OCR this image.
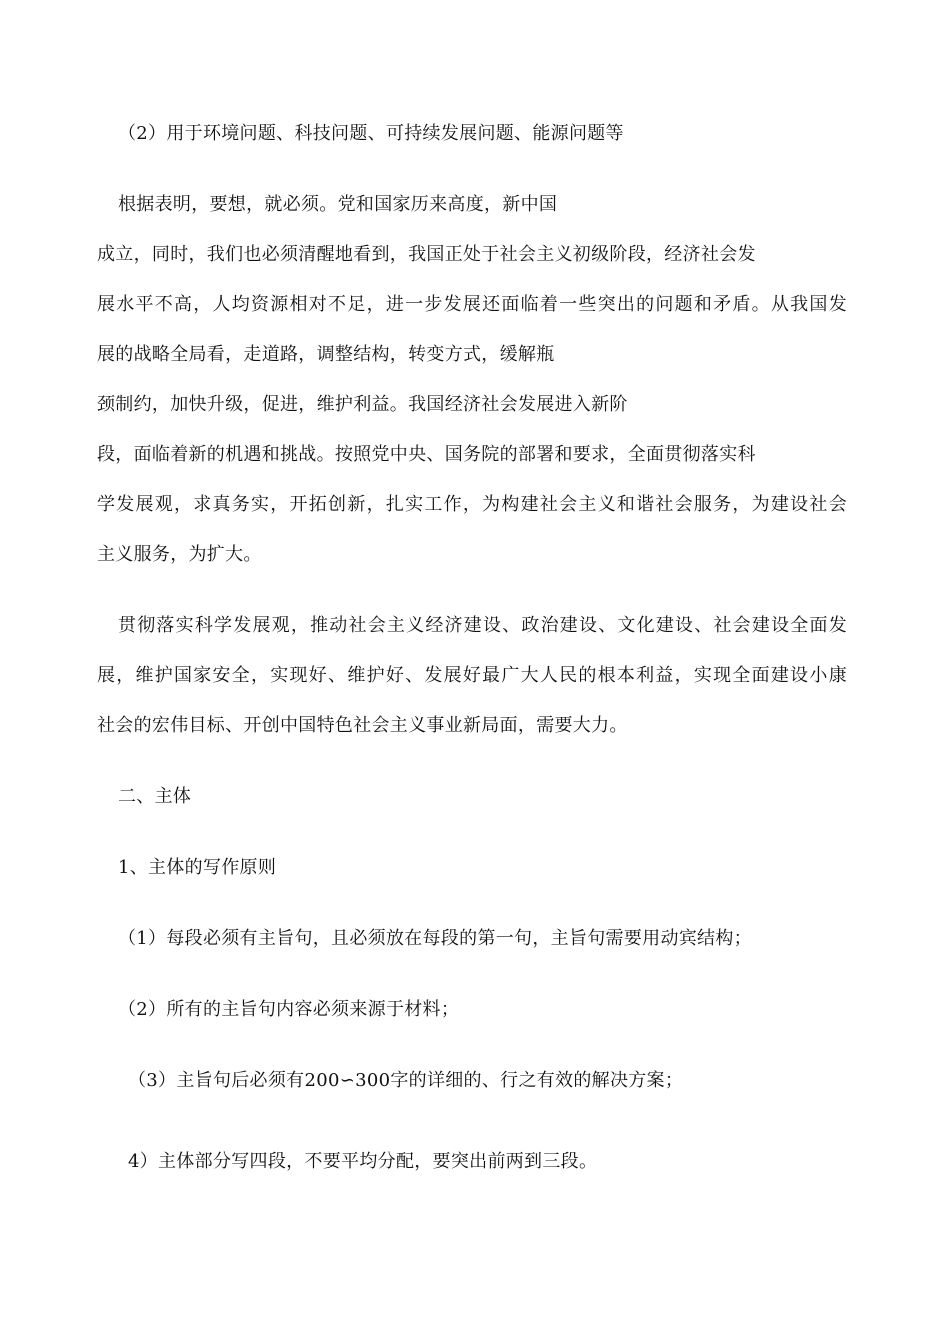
（2）用于环境问题、科技问题、可持续发展问题、能源问题等
根据表明，要想，就必须。党和国家历来高度，新中国
成立，同时，我们也必须清醒地看到，我国正处于社会主义初级阶段，经济社会发
展水平不高，人均资源相对不足，进一步发展还面临着一些突出的问题和矛盾。从我国发
展的战略全局看，走道路，调整结构，转变方式，缓解瓶
颈制约，加快升级，促进，维护利益。我国经济社会发展进入新阶
段，面临着新的机遇和挑战。按照党中央、国务院的部署和要求，全面贯彻落实科
学发展观，求真务实，开拓创新，扎实工作，为构建社会主义和谐社会服务，为建设社会
主义服务，为扩大。
贯彻落实科学发展观，推动社会主义经济建设、政治建设、文化建设、社会建设全面发
展，维护国家安全，实现好、维护好、发展好最广大人民的根本利益，实现全面建设小康
社会的宏伟目标、开创中国特色社会主义事业新局面，需要大力。
二、主体
1、主体的写作原则
（1）每段必须有主旨句，且必须放在每段的第一句，主旨句需要用动宾结构；
（2）所有的主旨句内容必须来源于材料；
（3）主旨句后必须有200∽300字的详细的、行之有效的解决方案；
4）主体部分写四段，不要平均分配，要突出前两到三段。
